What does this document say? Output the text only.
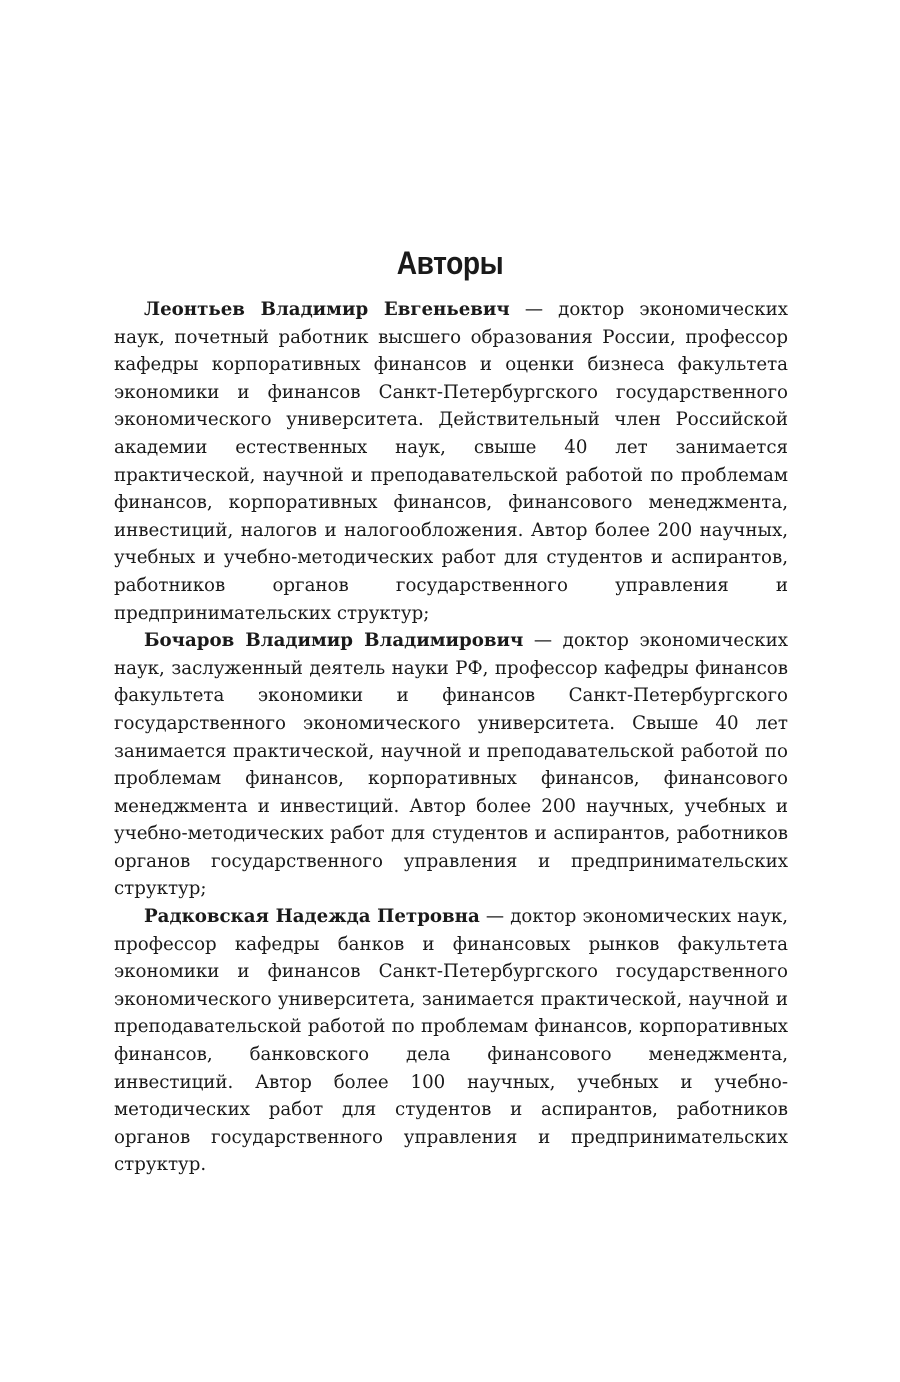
Авторы

Леонтьев Владимир Евгеньевич — доктор экономических наук, почетный работник высшего образования России, профессор кафедры корпоративных финансов и оценки бизнеса факультета экономики и финансов Санкт-Петербургского государственного экономического университета. Действительный член Российской академии естественных наук, свыше 40 лет занимается практической, научной и преподавательской работой по проблемам финансов, корпоративных финансов, финансового менеджмента, инвестиций, налогов и налогообложения. Автор более 200 научных, учебных и учебно-методических работ для студентов и аспирантов, работников органов государственного управления и предпринимательских структур;

Бочаров Владимир Владимирович — доктор экономических наук, заслуженный деятель науки РФ, профессор кафедры финансов факультета экономики и финансов Санкт-Петербургского государственного экономического университета. Свыше 40 лет занимается практической, научной и преподавательской работой по проблемам финансов, корпоративных финансов, финансового менеджмента и инвестиций. Автор более 200 научных, учебных и учебно-методических работ для студентов и аспирантов, работников органов государственного управления и предпринимательских структур;

Радковская Надежда Петровна — доктор экономических наук, профессор кафедры банков и финансовых рынков факультета экономики и финансов Санкт-Петербургского государственного экономического университета, занимается практической, научной и преподавательской работой по проблемам финансов, корпоративных финансов, банковского дела финансового менеджмента, инвестиций. Автор более 100 научных, учебных и учебно-методических работ для студентов и аспирантов, работников органов государственного управления и предпринимательских структур.
